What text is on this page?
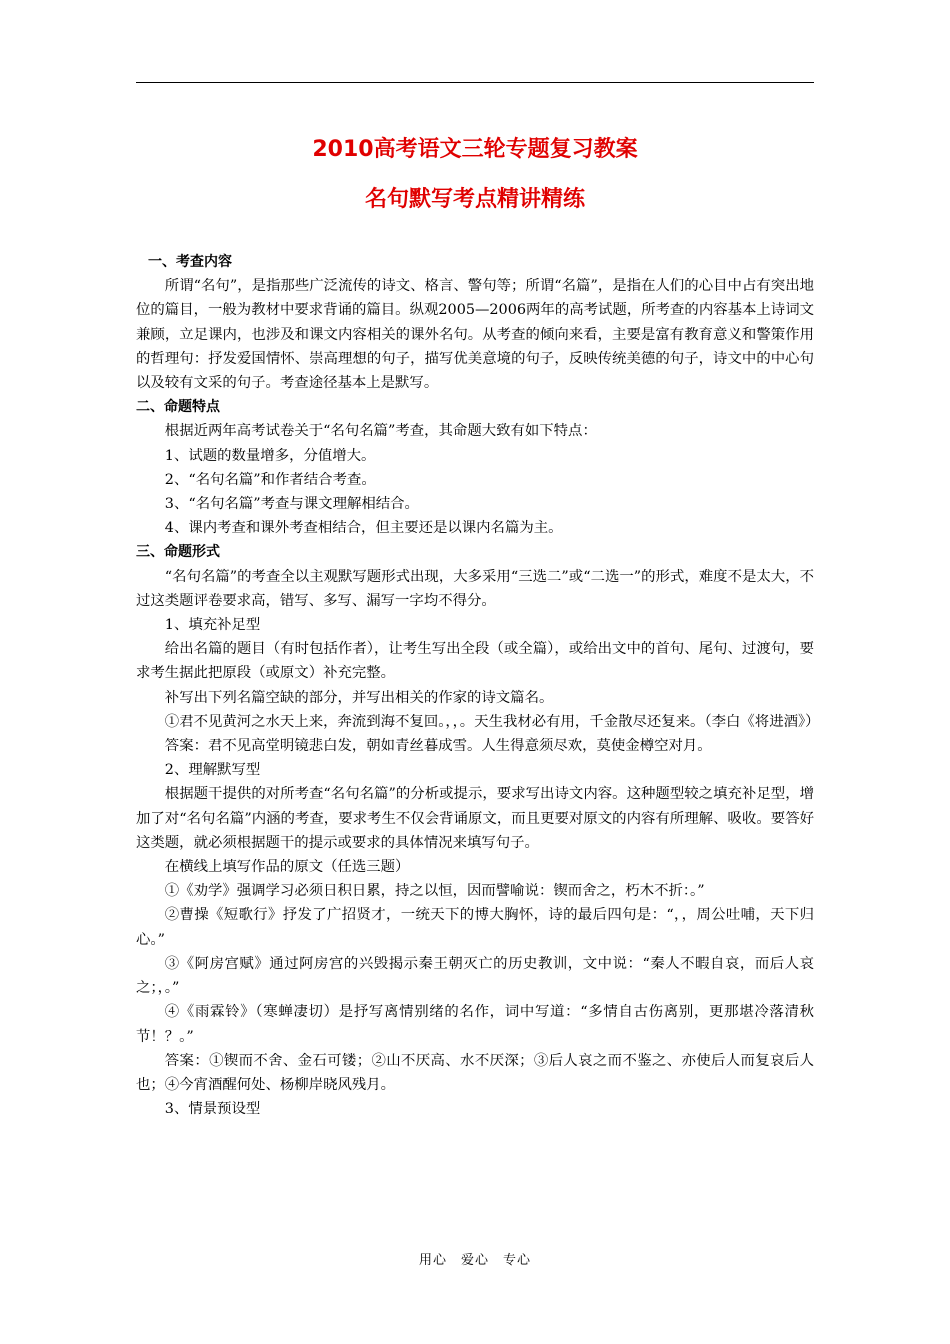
2010高考语文三轮专题复习教案
名句默写考点精讲精练

一、考查内容

所谓“名句”，是指那些广泛流传的诗文、格言、警句等；所谓“名篇”，是指在人们的心目中占有突出地位的篇目，一般为教材中要求背诵的篇目。纵观2005—2006两年的高考试题，所考查的内容基本上诗词文兼顾，立足课内，也涉及和课文内容相关的课外名句。从考查的倾向来看，主要是富有教育意义和警策作用的哲理句：抒发爱国情怀、崇高理想的句子，描写优美意境的句子，反映传统美德的句子，诗文中的中心句以及较有文采的句子。考查途径基本上是默写。

二、命题特点

根据近两年高考试卷关于“名句名篇”考查，其命题大致有如下特点：

1、试题的数量增多，分值增大。

2、“名句名篇”和作者结合考查。

3、“名句名篇”考查与课文理解相结合。

4、课内考查和课外考查相结合，但主要还是以课内名篇为主。

三、命题形式

“名句名篇”的考查全以主观默写题形式出现，大多采用“三选二”或“二选一”的形式，难度不是太大，不过这类题评卷要求高，错写、多写、漏写一字均不得分。

1、填充补足型

给出名篇的题目（有时包括作者），让考生写出全段（或全篇），或给出文中的首句、尾句、过渡句，要求考生据此把原段（或原文）补充完整。

补写出下列名篇空缺的部分，并写出相关的作家的诗文篇名。

①君不见黄河之水天上来，奔流到海不复回。，，。天生我材必有用，千金散尽还复来。（李白《将进酒》）

答案：君不见高堂明镜悲白发，朝如青丝暮成雪。人生得意须尽欢，莫使金樽空对月。

2、理解默写型

根据题干提供的对所考查“名句名篇”的分析或提示，要求写出诗文内容。这种题型较之填充补足型，增加了对“名句名篇”内涵的考查，要求考生不仅会背诵原文，而且更要对原文的内容有所理解、吸收。要答好这类题，就必须根据题干的提示或要求的具体情况来填写句子。

在横线上填写作品的原文（任选三题）

①《劝学》强调学习必须日积日累，持之以恒，因而譬喻说：锲而舍之，朽木不折：。”

②曹操《短歌行》抒发了广招贤才，一统天下的博大胸怀，诗的最后四句是：“，，周公吐哺，天下归心。”

③《阿房宫赋》通过阿房宫的兴毁揭示秦王朝灭亡的历史教训，文中说：“秦人不暇自哀，而后人哀之；，。”

④《雨霖铃》（寒蝉凄切）是抒写离情别绪的名作，词中写道：“多情自古伤离别，更那堪冷落清秋节！？。”

答案：①锲而不舍、金石可镂；②山不厌高、水不厌深；③后人哀之而不鉴之、亦使后人而复哀后人也；④今宵酒醒何处、杨柳岸晓风残月。

3、情景预设型

用心　爱心　专心
